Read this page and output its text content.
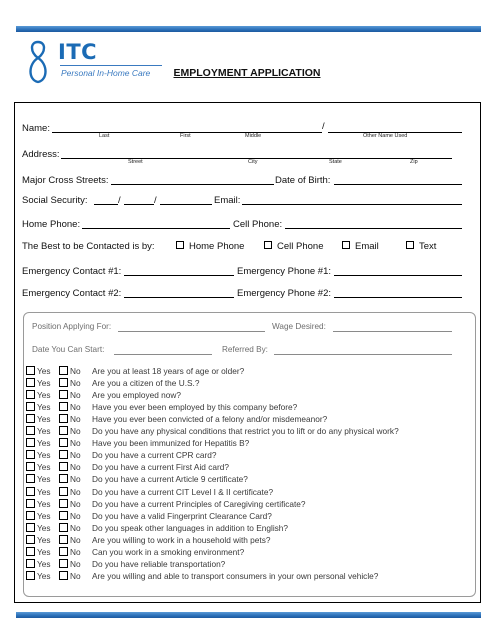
ITC
Personal In-Home Care	EMPLOYMENT APPLICATION
Name:	/
Last	First	Middle	Other Name Used
Address:
Street	City	State	Zip
Major Cross Streets:	Date of Birth:
Social Security:	/	/	Email:
Home Phone:	Cell Phone:
The Best to be Contacted is by:	Home Phone	Cell Phone	Email	Text
Emergency Contact #1:	Emergency Phone #1:
Emergency Contact #2:	Emergency Phone #2:
Position Applying For:	Wage Desired:
Date You Can Start:	Referred By:
Yes No Are you at least 18 years of age or older?
Yes No Are you a citizen of the U.S.?
Yes No Are you employed now?
Yes No Have you ever been employed by this company before?
Yes No Have you ever been convicted of a felony and/or misdemeanor?
Yes No Do you have any physical conditions that restrict you to lift or do any physical work?
Yes No Have you been immunized for Hepatitis B?
Yes No Do you have a current CPR card?
Yes No Do you have a current First Aid card?
Yes No Do you have a current Article 9 certificate?
Yes No Do you have a current CIT Level I & II certificate?
Yes No Do you have a current Principles of Caregiving certificate?
Yes No Do you have a valid Fingerprint Clearance Card?
Yes No Do you speak other languages in addition to English?
Yes No Are you willing to work in a household with pets?
Yes No Can you work in a smoking environment?
Yes No Do you have reliable transportation?
Yes No Are you willing and able to transport consumers in your own personal vehicle?
